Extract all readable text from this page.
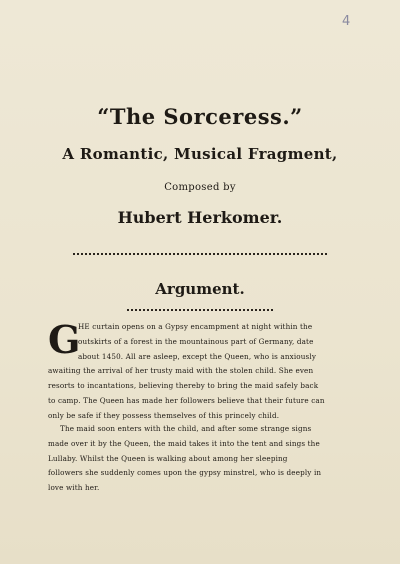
4
“The Sorceress.”
A Romantic, Musical Fragment,
Composed by
Hubert Herkomer.
Argument.
G
HE curtain opens on a Gypsy encampment at night within the
outskirts of a forest in the mountainous part of Germany, date
about 1450. All are asleep, except the Queen, who is anxiously
awaiting the arrival of her trusty maid with the stolen child. She even
resorts to incantations, believing thereby to bring the maid safely back
to camp. The Queen has made her followers believe that their future can
only be safe if they possess themselves of this princely child.
The maid soon enters with the child, and after some strange signs
made over it by the Queen, the maid takes it into the tent and sings the
Lullaby. Whilst the Queen is walking about among her sleeping
followers she suddenly comes upon the gypsy minstrel, who is deeply in
love with her.
